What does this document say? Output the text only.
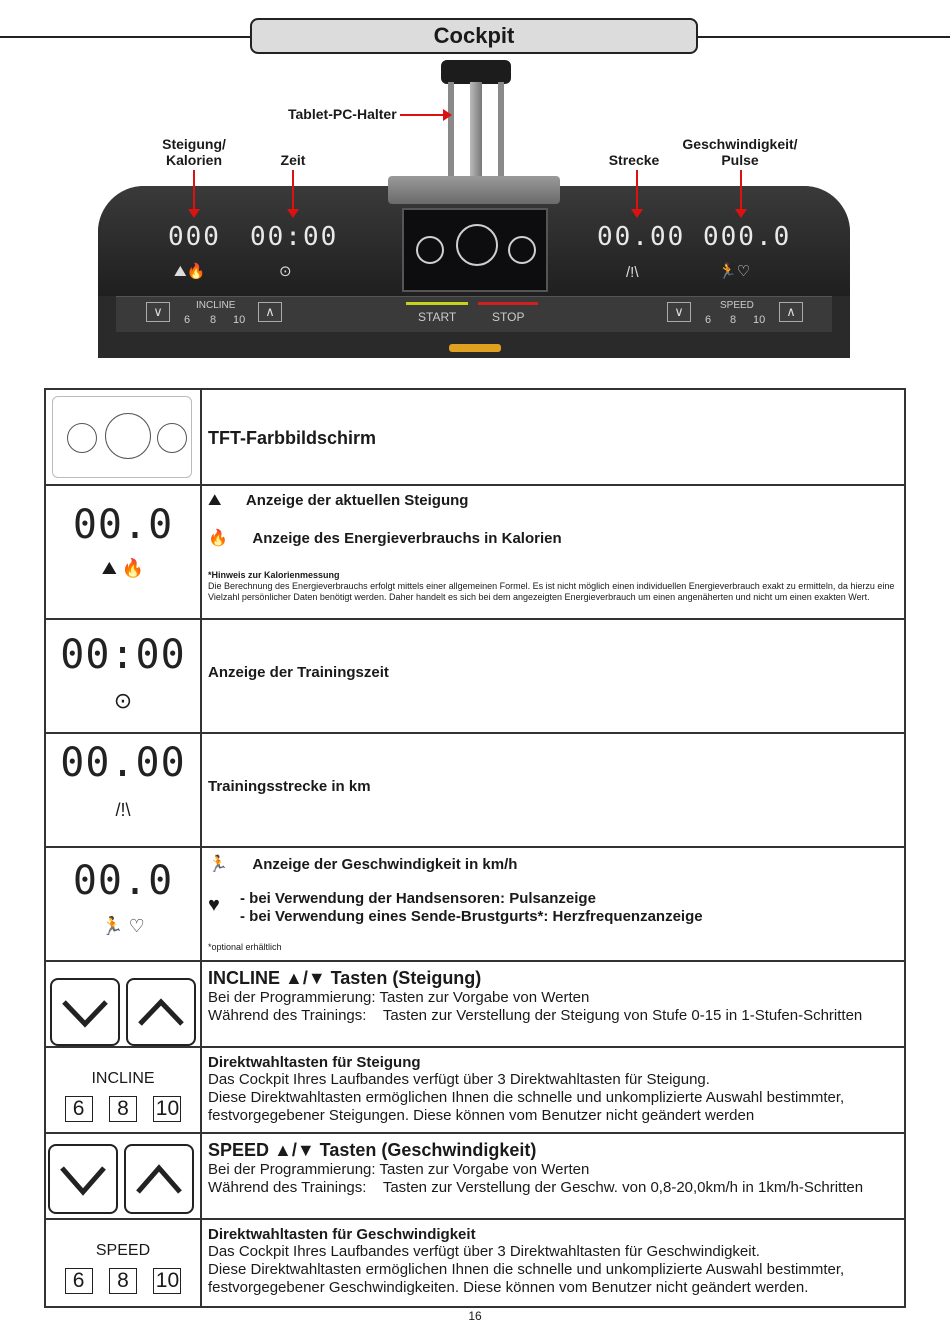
Cockpit
000 00:00	00.00 000.0
⛰︎🔥	⊙	/!\	🏃♡
∨	INCLINE
6 8 10
∧	START	STOP	∨	SPEED
6 8 10
∧
Tablet-PC-Halter
Steigung/
Kalorien	Zeit	Strecke
Geschwindigkeit/
Pulse
TFT-Farbbildschirm
00.0
⛰︎ 🔥
⛰︎ Anzeige der aktuellen Steigung
🔥 Anzeige des Energieverbrauchs in Kalorien
*Hinweis zur Kalorienmessung
Die Berechnung des Energieverbrauchs erfolgt mittels einer allgemeinen Formel. Es ist nicht möglich einen individuellen Energieverbrauch exakt zu ermitteln, da hierzu eine Vielzahl persönlicher Daten benötigt werden. Daher handelt es sich bei dem angezeigten Energieverbrauch um einen angenäherten und nicht um einen exakten Wert.
00:00
⊙
Anzeige der Trainingszeit
00.00
/!\
Trainingsstrecke in km
00.0
🏃 ♡
🏃 Anzeige der Geschwindigkeit in km/h
♥ - bei Verwendung der Handsensoren: Pulsanzeige
- bei Verwendung eines Sende-Brustgurts*: Herzfrequenzanzeige
*optional erhältlich
INCLINE ▲/▼ Tasten (Steigung)
Bei der Programmierung: Tasten zur Vorgabe von Werten
Während des Trainings: Tasten zur Verstellung der Steigung von Stufe 0-15 in 1-Stufen-Schritten
INCLINE
6 8 10
Direktwahltasten für Steigung
Das Cockpit Ihres Laufbandes verfügt über 3 Direktwahltasten für Steigung.
Diese Direktwahltasten ermöglichen Ihnen die schnelle und unkomplizierte Auswahl bestimmter,
festvorgegebener Steigungen. Diese können vom Benutzer nicht geändert werden
SPEED ▲/▼ Tasten (Geschwindigkeit)
Bei der Programmierung: Tasten zur Vorgabe von Werten
Während des Trainings: Tasten zur Verstellung der Geschw. von 0,8-20,0km/h in 1km/h-Schritten
SPEED
6 8 10
Direktwahltasten für Geschwindigkeit
Das Cockpit Ihres Laufbandes verfügt über 3 Direktwahltasten für Geschwindigkeit.
Diese Direktwahltasten ermöglichen Ihnen die schnelle und unkomplizierte Auswahl bestimmter,
festvorgegebener Geschwindigkeiten. Diese können vom Benutzer nicht geändert werden.
16
